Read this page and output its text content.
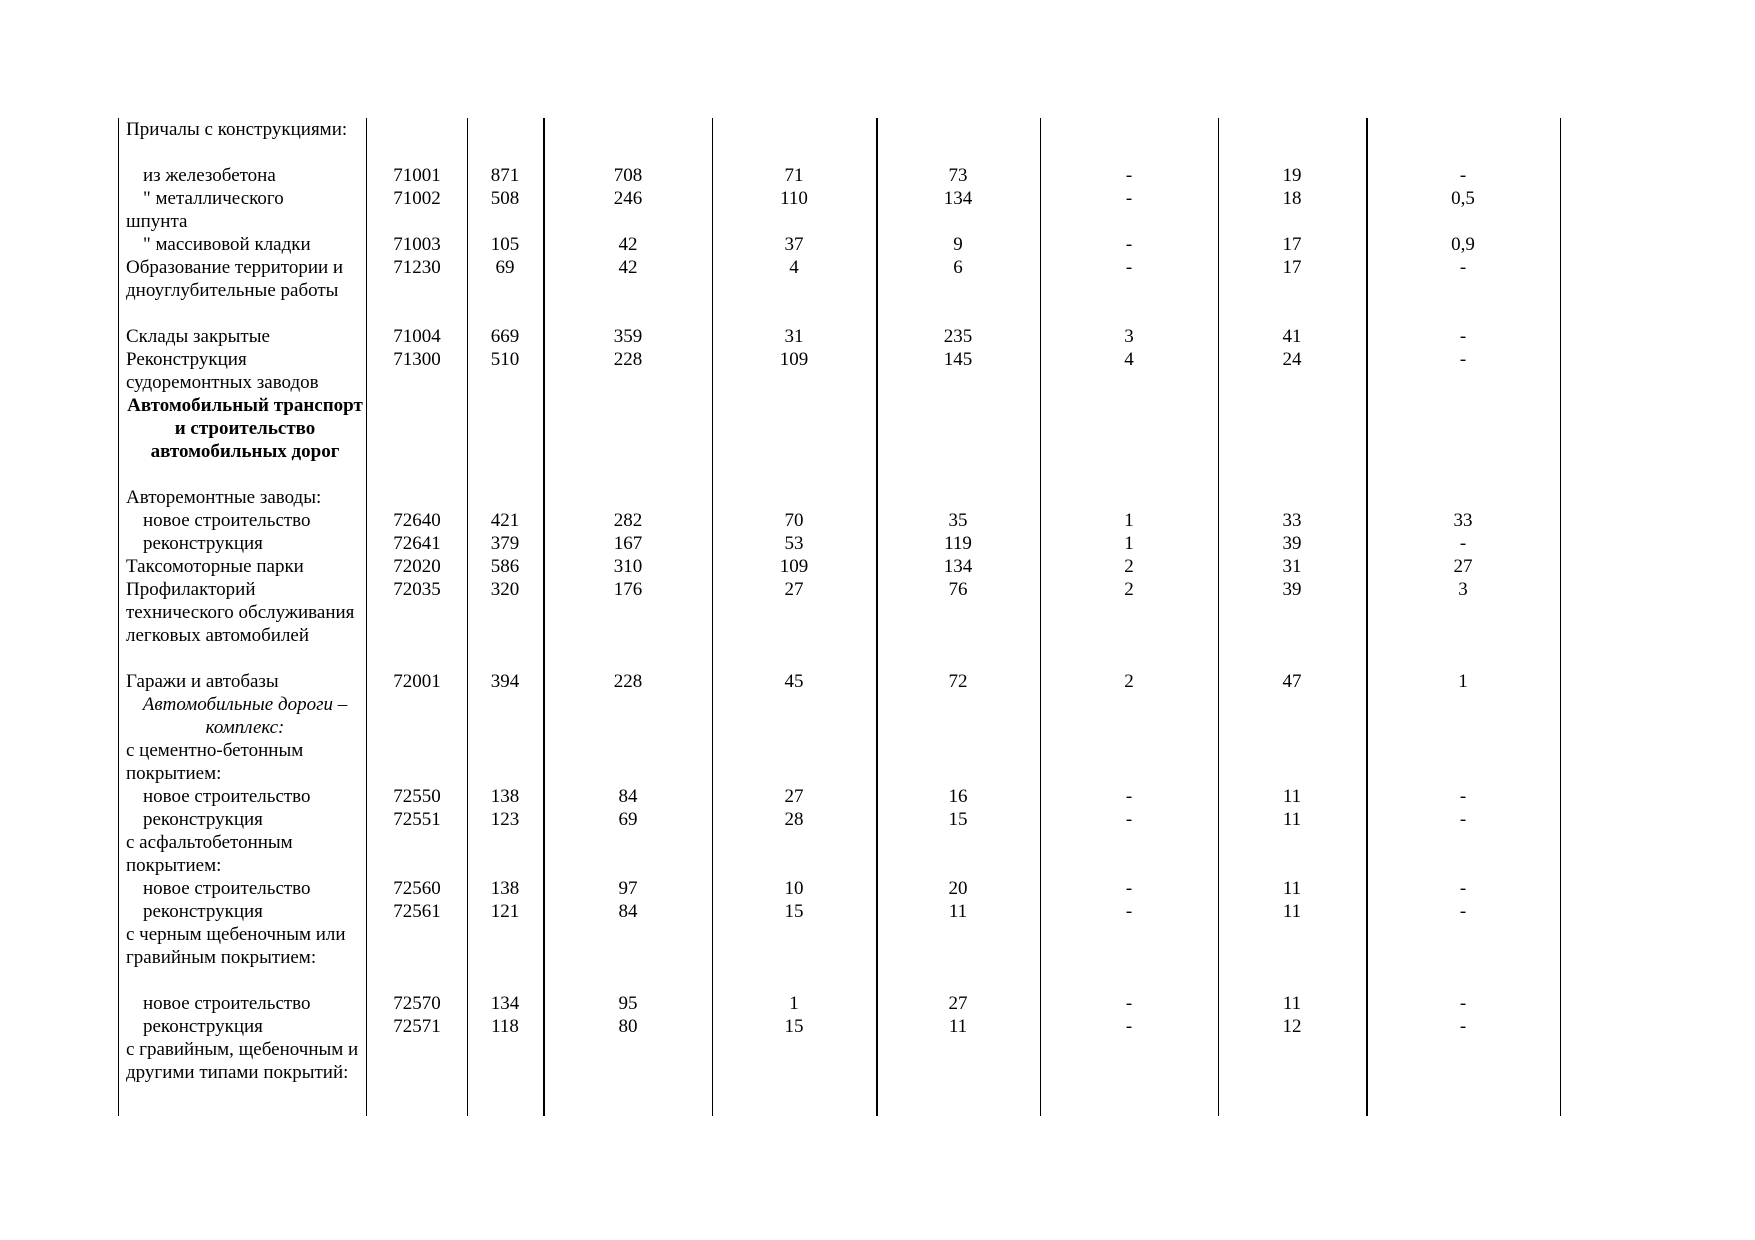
Причалы с конструкциями:
из железобетона	71001	871	708	71	73	-	19	-
" металлического	71002	508	246	110	134	-	18	0,5
шпунта
" массивовой кладки	71003	105	42	37	9	-	17	0,9
Образование территории и дноуглубительные работы
71230	69	42	4	6	-	17	-
Склады закрытые	71004	669	359	31	235	3	41	-
Реконструкция судоремонтных заводов
71300	510	228	109	145	4	24	-
Автомобильный транспорт и строительство автомобильных дорог
Авторемонтные заводы:
новое строительство	72640	421	282	70	35	1	33	33
реконструкция	72641	379	167	53	119	1	39	-
Таксомоторные парки	72020	586	310	109	134	2	31	27
Профилакторий технического обслуживания легковых автомобилей
72035	320	176	27	76	2	39	3
Гаражи и автобазы	72001	394	228	45	72	2	47	1
Автомобильные дороги – комплекс:
с цементно-бетонным покрытием:
новое строительство	72550	138	84	27	16	-	11	-
реконструкция	72551	123	69	28	15	-	11	-
с асфальтобетонным покрытием:
новое строительство	72560	138	97	10	20	-	11	-
реконструкция	72561	121	84	15	11	-	11	-
с черным щебеночным или гравийным покрытием:
новое строительство	72570	134	95	1	27	-	11	-
реконструкция	72571	118	80	15	11	-	12	-
с гравийным, щебеночным и другими типами покрытий:
